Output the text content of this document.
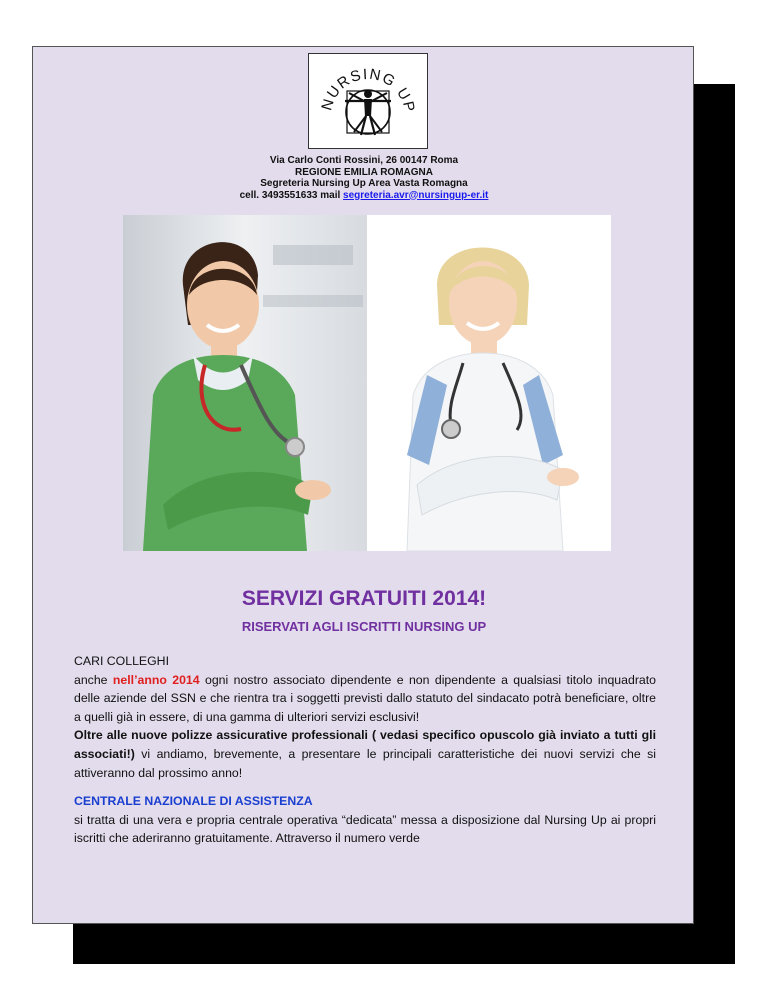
NURSING UP
Via Carlo Conti Rossini, 26 00147 Roma
REGIONE EMILIA ROMAGNA
Segreteria Nursing Up Area Vasta Romagna
cell. 3493551633 mail segreteria.avr@nursingup-er.it
SERVIZI GRATUITI 2014!
RISERVATI AGLI ISCRITTI NURSING UP

CARI COLLEGHI

anche nell’anno 2014 ogni nostro associato dipendente e non dipendente a qualsiasi titolo inquadrato delle aziende del SSN e che rientra tra i soggetti previsti dallo statuto del sindacato potrà beneficiare, oltre a quelli già in essere, di una gamma di ulteriori servizi esclusivi!

Oltre alle nuove polizze assicurative professionali ( vedasi specifico opuscolo già inviato a tutti gli associati!) vi andiamo, brevemente, a presentare le principali caratteristiche dei nuovi servizi che si attiveranno dal prossimo anno!

CENTRALE NAZIONALE DI ASSISTENZA

si tratta di una vera e propria centrale operativa “dedicata” messa a disposizione dal Nursing Up ai propri iscritti che aderiranno gratuitamente. Attraverso il numero verde
